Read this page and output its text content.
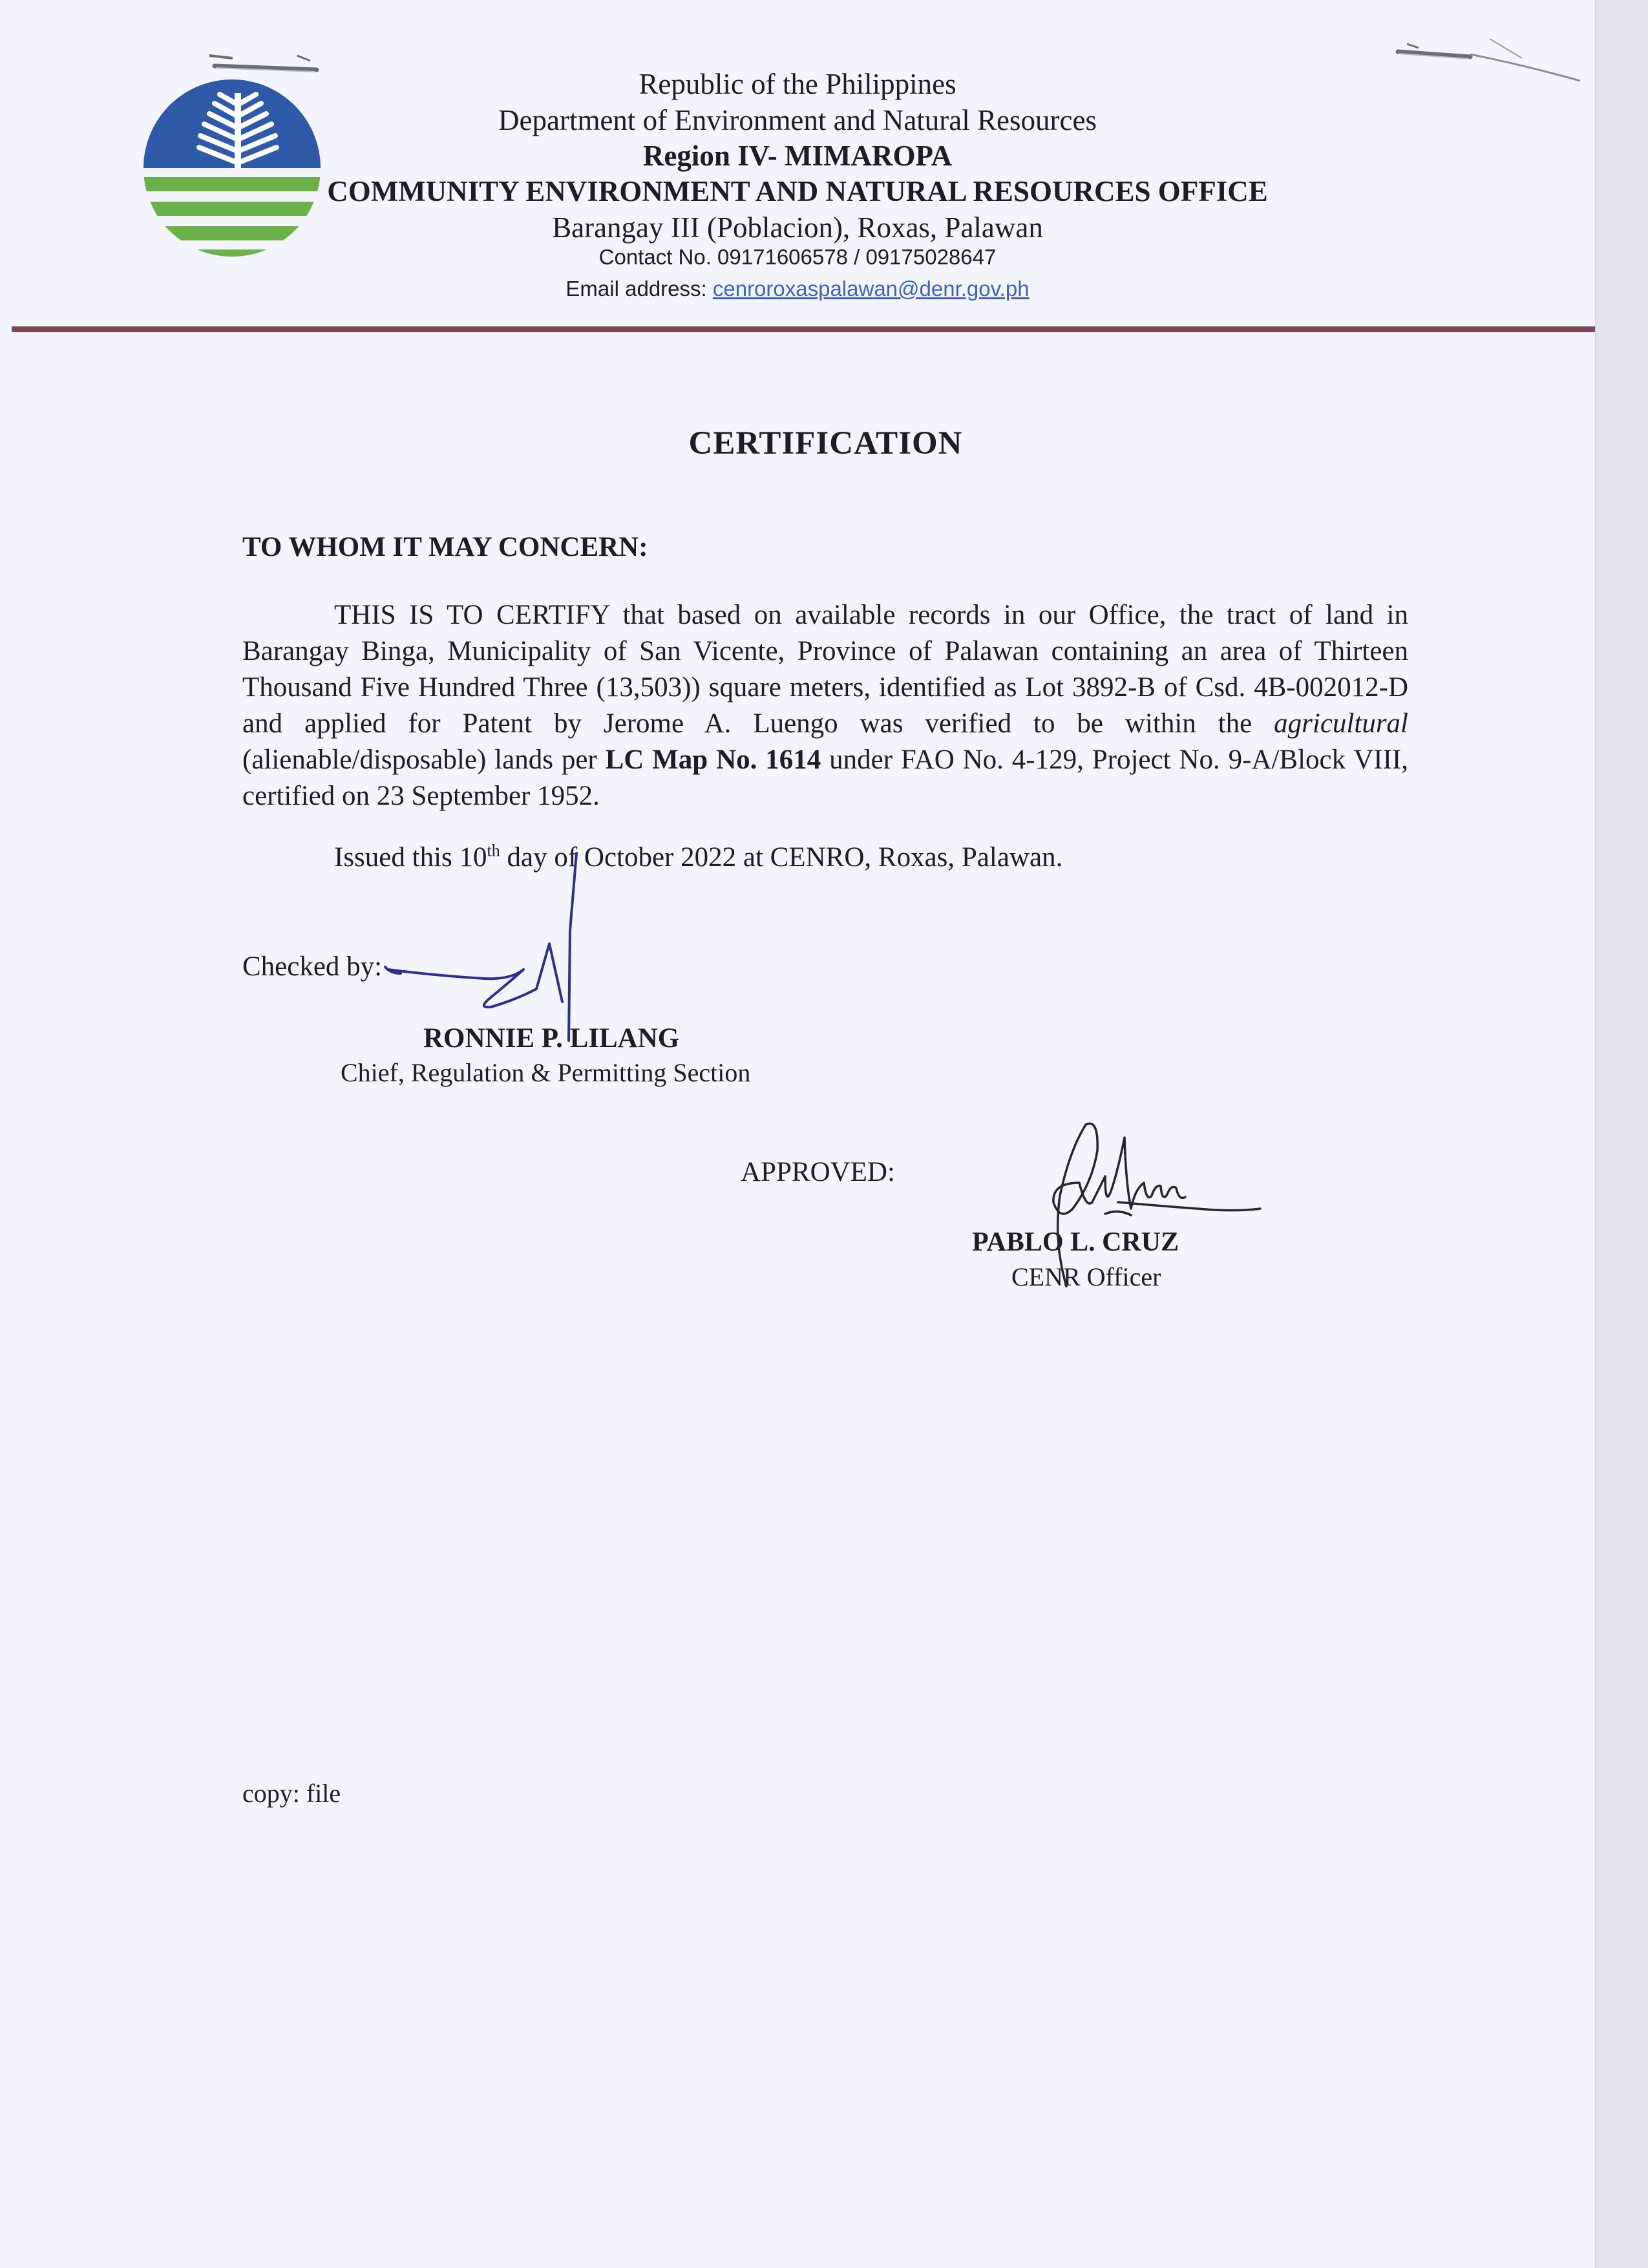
Republic of the Philippines
Department of Environment and Natural Resources
Region IV- MIMAROPA
COMMUNITY ENVIRONMENT AND NATURAL RESOURCES OFFICE
Barangay III (Poblacion), Roxas, Palawan
Contact No. 09171606578 / 09175028647
Email address: cenroroxaspalawan@denr.gov.ph
CERTIFICATION
TO WHOM IT MAY CONCERN:
THIS IS TO CERTIFY that based on available records in our Office, the tract of land in Barangay Binga, Municipality of San Vicente, Province of Palawan containing an area of Thirteen Thousand Five Hundred Three (13,503)) square meters, identified as Lot 3892-B of Csd. 4B-002012-D and applied for Patent by Jerome A. Luengo was verified to be within the agricultural (alienable/disposable) lands per LC Map No. 1614 under FAO No. 4-129, Project No. 9-A/Block VIII, certified on 23 September 1952.
Issued this 10th day of October 2022 at CENRO, Roxas, Palawan.
Checked by:
RONNIE P. LILANG
Chief, Regulation & Permitting Section
APPROVED:
PABLO L. CRUZ
CENR Officer
copy: file
